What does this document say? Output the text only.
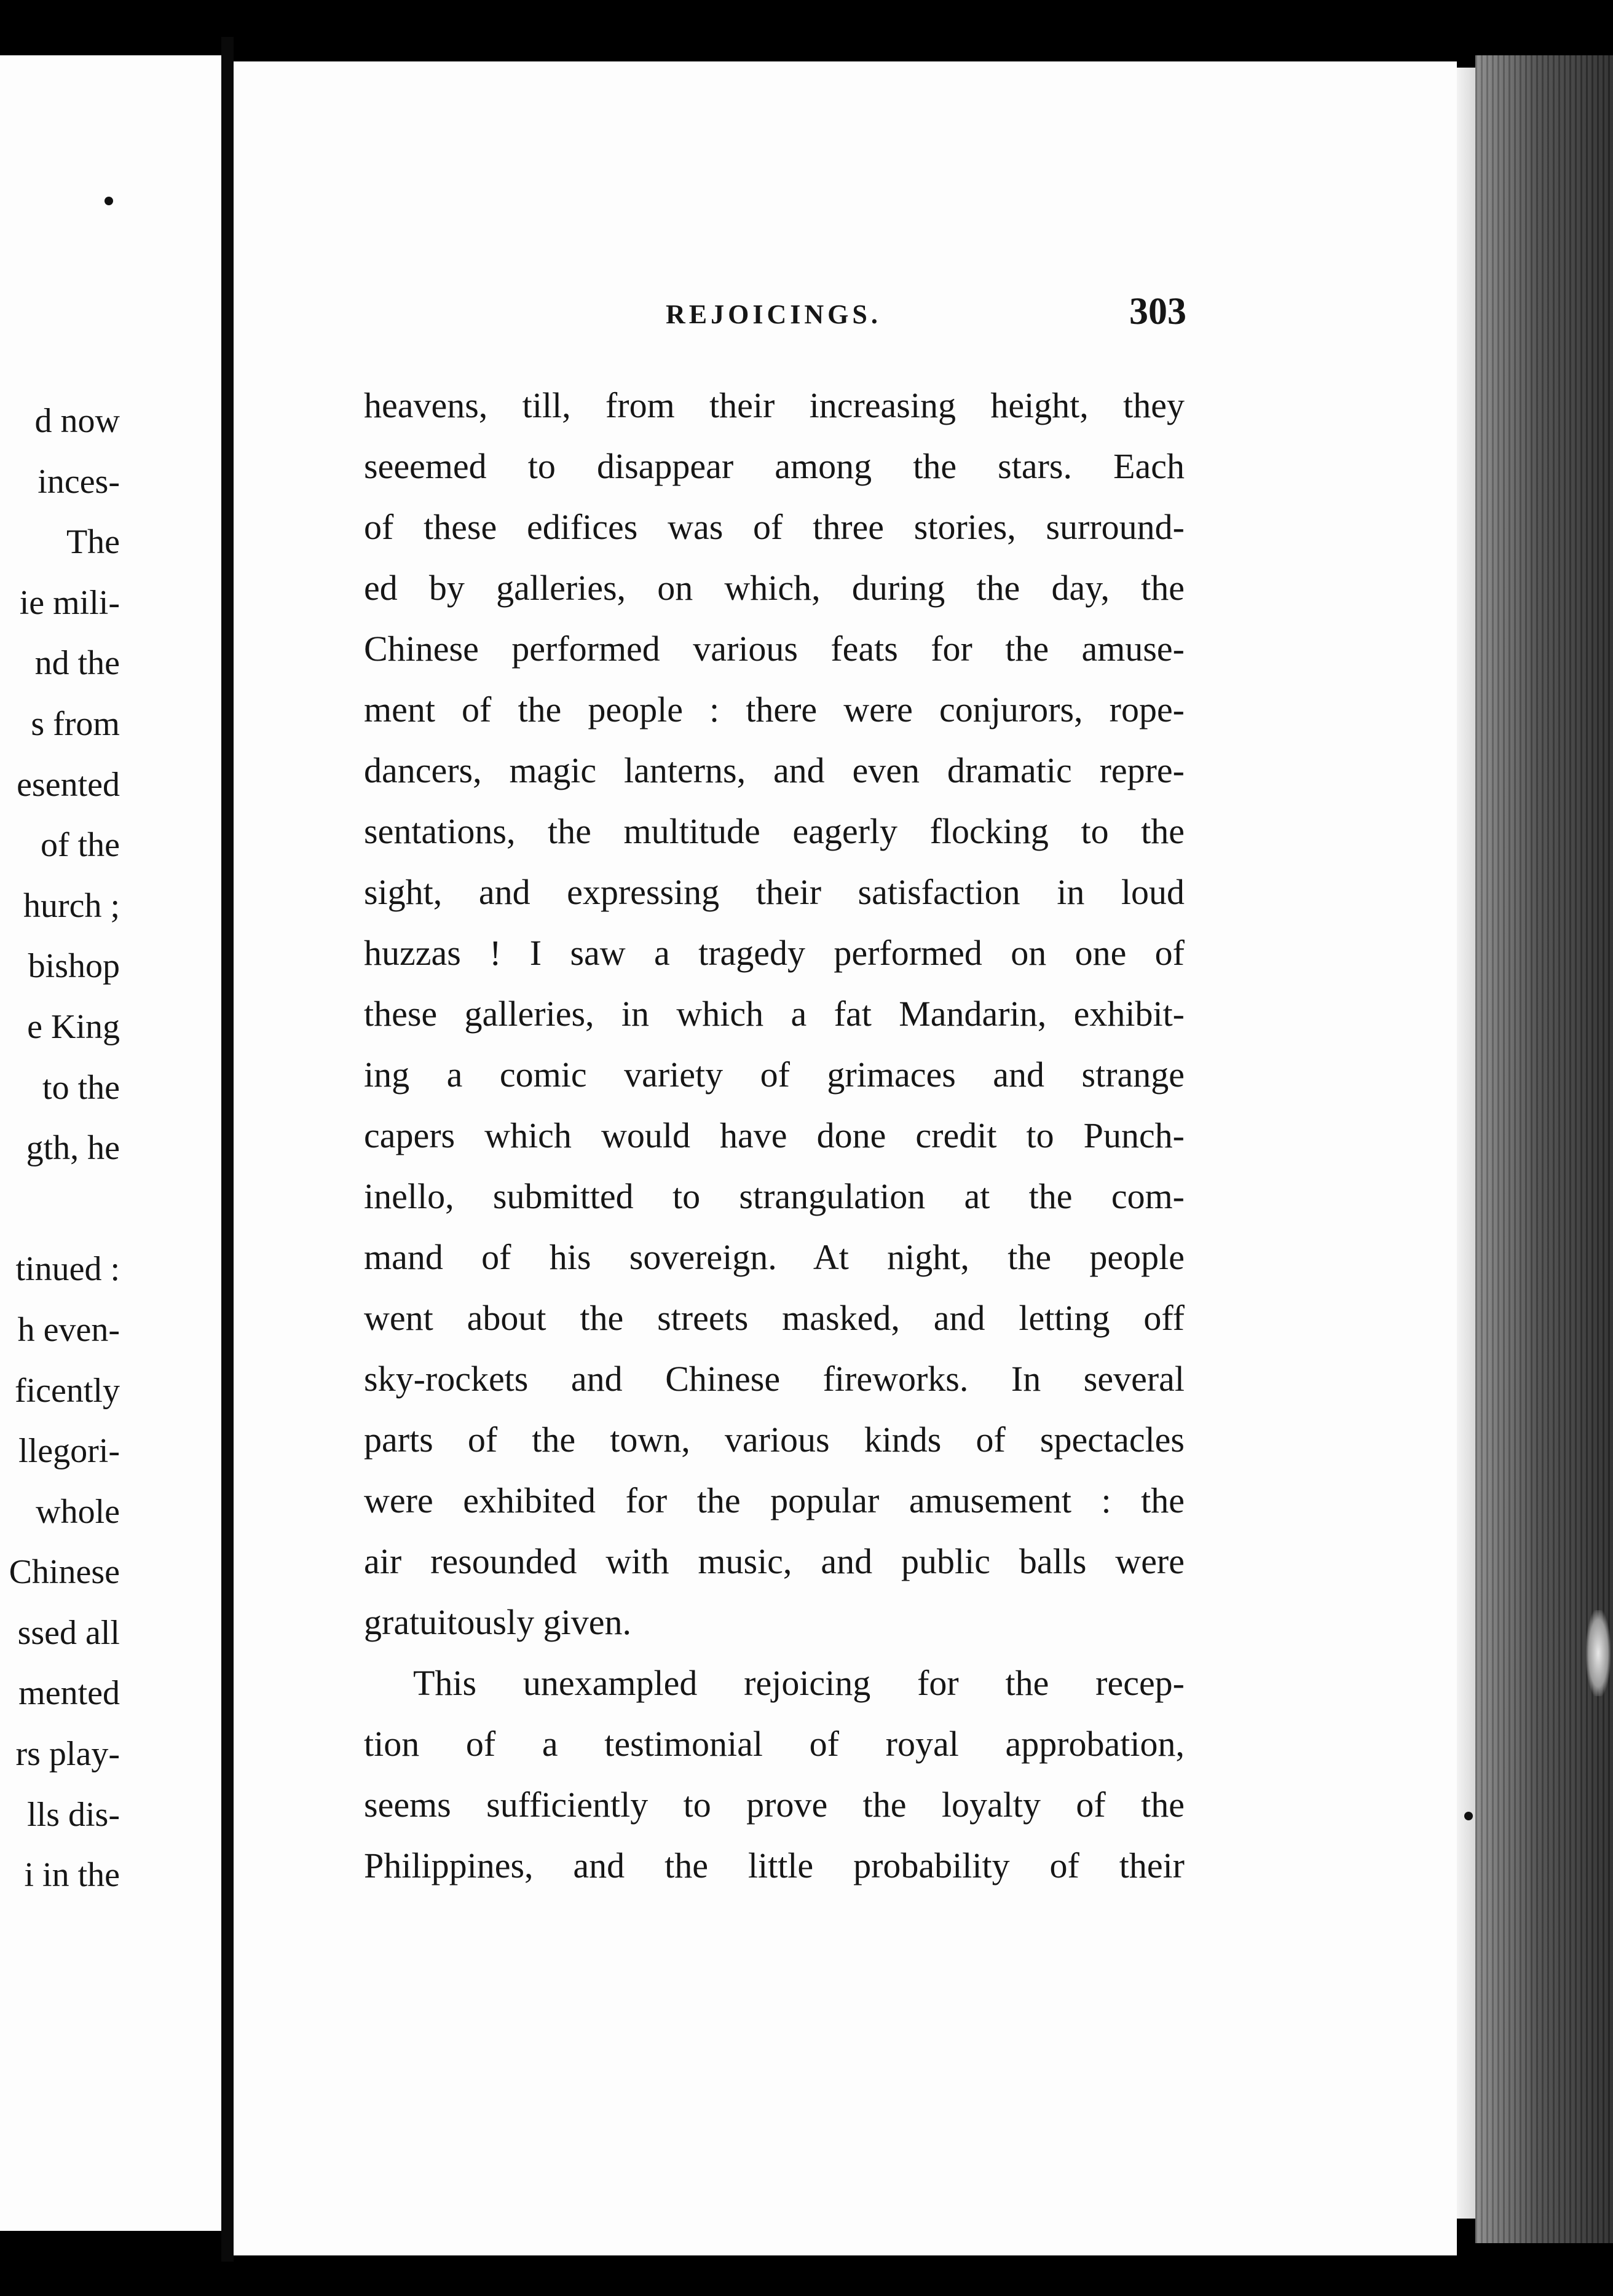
d now
inces-
The
ie mili-
nd the
s from
esented
of the
hurch ;
bishop
e King
to the
gth, he
tinued :
h even-
ficently
llegori-
whole
Chinese
ssed all
mented
rs play-
lls dis-
i in the
REJOICINGS.	303
heavens, till, from their increasing height, they
seeemed to disappear among the stars. Each
of these edifices was of three stories, surround-
ed by galleries, on which, during the day, the
Chinese performed various feats for the amuse-
ment of the people : there were conjurors, rope-
dancers, magic lanterns, and even dramatic repre-
sentations, the multitude eagerly flocking to the
sight, and expressing their satisfaction in loud
huzzas ! I saw a tragedy performed on one of
these galleries, in which a fat Mandarin, exhibit-
ing a comic variety of grimaces and strange
capers which would have done credit to Punch-
inello, submitted to strangulation at the com-
mand of his sovereign. At night, the people
went about the streets masked, and letting off
sky-rockets and Chinese fireworks. In several
parts of the town, various kinds of spectacles
were exhibited for the popular amusement : the
air resounded with music, and public balls were
gratuitously given.
This unexampled rejoicing for the recep-
tion of a testimonial of royal approbation,
seems sufficiently to prove the loyalty of the
Philippines, and the little probability of their
